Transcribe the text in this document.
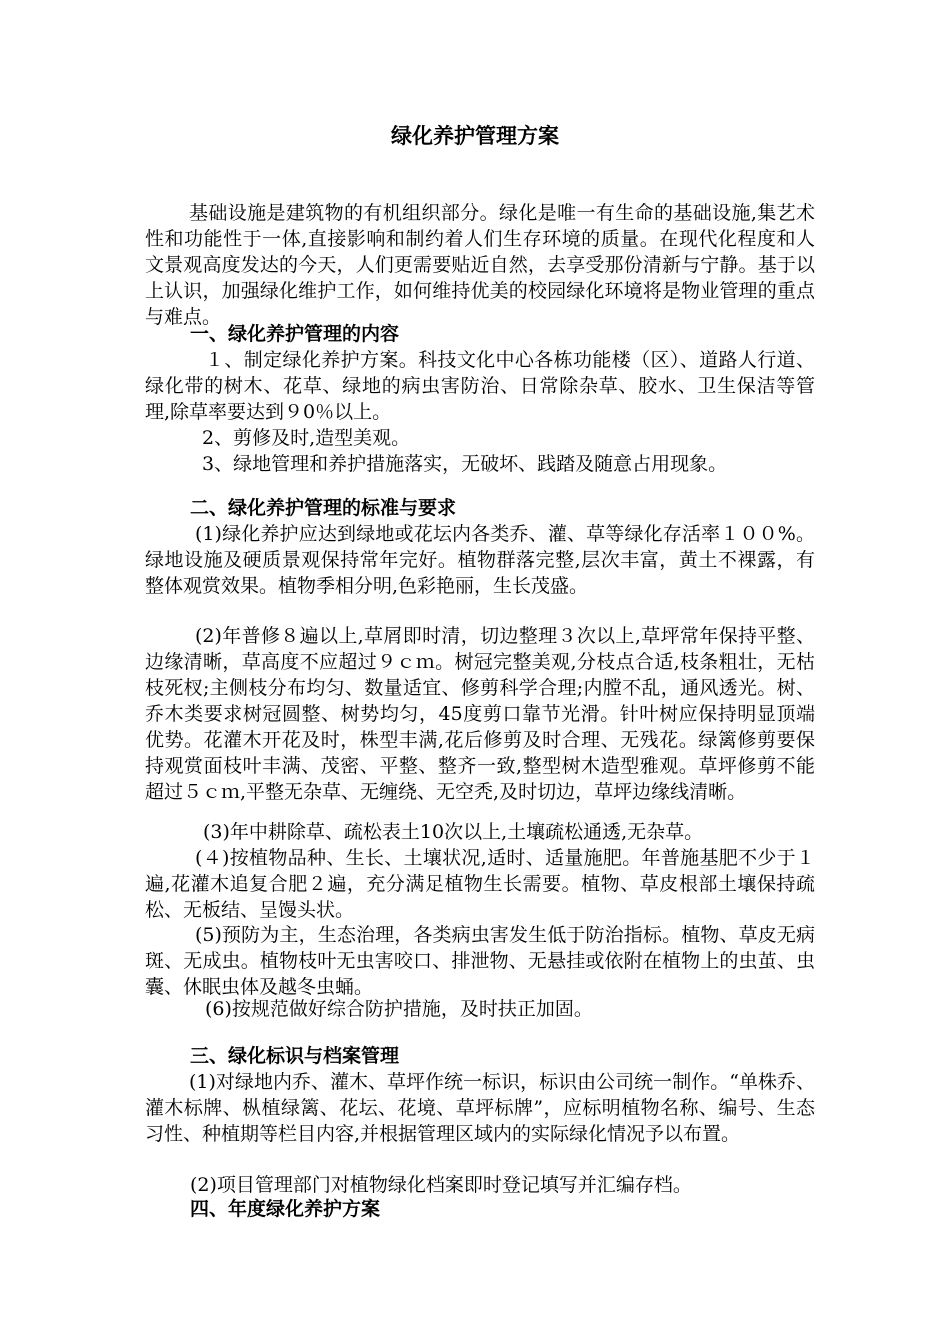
绿化养护管理方案

基础设施是建筑物的有机组织部分。绿化是唯一有生命的基础设施,集艺术性和功能性于一体,直接影响和制约着人们生存环境的质量。在现代化程度和人文景观高度发达的今天，人们更需要贴近自然，去享受那份清新与宁静。基于以上认识，加强绿化维护工作，如何维持优美的校园绿化环境将是物业管理的重点与难点。

一、绿化养护管理的内容

１、制定绿化养护方案。科技文化中心各栋功能楼（区）、道路人行道、绿化带的树木、花草、绿地的病虫害防治、日常除杂草、胶水、卫生保洁等管理,除草率要达到９0％以上。

2、剪修及时,造型美观。
3、绿地管理和养护措施落实，无破坏、践踏及随意占用现象。
二、绿化养护管理的标准与要求

(1)绿化养护应达到绿地或花坛内各类乔、灌、草等绿化存活率１００%。绿地设施及硬质景观保持常年完好。植物群落完整,层次丰富，黄土不裸露，有整体观赏效果。植物季相分明,色彩艳丽，生长茂盛。

(2)年普修８遍以上,草屑即时清，切边整理３次以上,草坪常年保持平整、边缘清晰，草高度不应超过９ｃｍ。树冠完整美观,分枝点合适,枝条粗壮，无枯枝死杈;主侧枝分布均匀、数量适宜、修剪科学合理;内膛不乱，通风透光。树、乔木类要求树冠圆整、树势均匀，45度剪口靠节光滑。针叶树应保持明显顶端优势。花灌木开花及时，株型丰满,花后修剪及时合理、无残花。绿篱修剪要保持观赏面枝叶丰满、茂密、平整、整齐一致,整型树木造型雅观。草坪修剪不能超过５ｃｍ,平整无杂草、无缠绕、无空秃,及时切边，草坪边缘线清晰。

(3)年中耕除草、疏松表土10次以上,土壤疏松通透,无杂草。

(４)按植物品种、生长、土壤状况,适时、适量施肥。年普施基肥不少于１遍,花灌木追复合肥２遍，充分满足植物生长需要。植物、草皮根部土壤保持疏松、无板结、呈馒头状。

(5)预防为主，生态治理，各类病虫害发生低于防治指标。植物、草皮无病斑、无成虫。植物枝叶无虫害咬口、排泄物、无悬挂或依附在植物上的虫茧、虫囊、休眠虫体及越冬虫蛹。

(6)按规范做好综合防护措施，及时扶正加固。
三、绿化标识与档案管理

(1)对绿地内乔、灌木、草坪作统一标识，标识由公司统一制作。“单株乔、灌木标牌、枞植绿篱、花坛、花境、草坪标牌”，应标明植物名称、编号、生态习性、种植期等栏目内容,并根据管理区域内的实际绿化情况予以布置。

(2)项目管理部门对植物绿化档案即时登记填写并汇编存档。
四、年度绿化养护方案
